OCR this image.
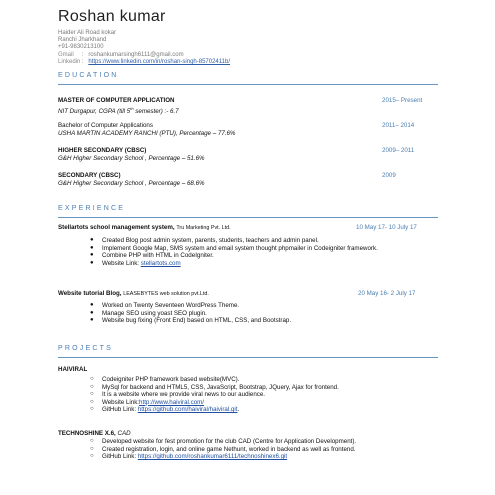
Roshan kumar
Haider Ali Road kokar
Ranchi Jharkhand
+91-9830213100
Gmail :   roshankumarsingh6111@gmail.com
Linkedin :   https://www.linkedin.com/in/roshan-singh-85702411b/
EDUCATION
MASTER OF COMPUTER APPLICATION
NIT Durgapur, CGPA (till 5th semester) :- 6.7
2015– Present
Bachelor of Computer Applications
USHA MARTIN ACADEMY RANCHI (PTU), Percentage – 77.6%
2011– 2014
HIGHER SECONDARY (CBSC)
G&H Higher Secondary School , Percentage – 51.6%
2009– 2011
SECONDARY (CBSC)
G&H Higher Secondary School , Percentage – 68.6%
2009
EXPERIENCE
Stellartots school management system, Tru Marketing Pvt. Ltd.	10 May 17- 10 July 17
● Created Blog post admin system, parents, students, teachers and admin panel.
● Implement Google Map, SMS system and email system thought phpmailer in Codeigniter framework.
● Combine PHP with HTML in CodeIgniter.
● Website Link: stellartots.com
Website tutorial Blog, LEASEBYTES web solution pvt.Ltd.	20 May 16- 2 July 17
● Worked on Twenty Seventeen WordPress Theme.
● Manage SEO using yoast SEO plugin.
● Website bug fixing (Front End) based on HTML, CSS, and Bootstrap.
PROJECTS
HAIVIRAL
○ Codeigniter PHP framework based website(MVC).
○ MySql for backend and HTML5, CSS, JavaScript, Bootstrap, JQuery, Ajax for frontend.
○ It is a website where we provide viral news to our audience.
○ Website Link:http://www.haiviral.com/
○ GitHub Link: https://github.com/haiviral/haiviral.git.
TECHNOSHINE X.6, CAD
○ Developed website for fest promotion for the club CAD (Centre for Application Development).
○ Created registration, login, and online game Nethunt, worked in backend as well as frontend.
○ GitHub Link: https://github.com/roshankumar6111/technoshinex6.git
